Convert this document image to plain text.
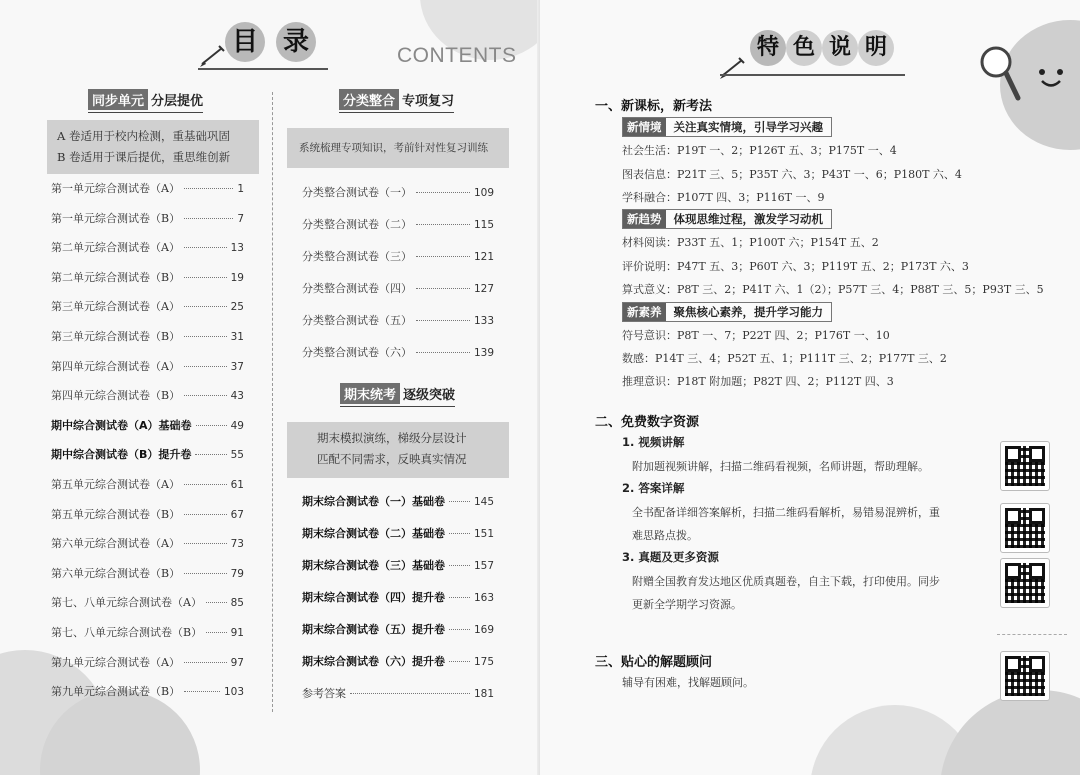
目 录	CONTENTS
同步单元 分层提优
A 卷适用于校内检测，重基础巩固
B 卷适用于课后提优，重思维创新
第一单元综合测试卷（A）	1
第一单元综合测试卷（B）	7
第二单元综合测试卷（A）	13
第二单元综合测试卷（B）	19
第三单元综合测试卷（A）	25
第三单元综合测试卷（B）	31
第四单元综合测试卷（A）	37
第四单元综合测试卷（B）	43
期中综合测试卷（A）基础卷	49
期中综合测试卷（B）提升卷	55
第五单元综合测试卷（A）	61
第五单元综合测试卷（B）	67
第六单元综合测试卷（A）	73
第六单元综合测试卷（B）	79
第七、八单元综合测试卷（A）	85
第七、八单元综合测试卷（B）	91
第九单元综合测试卷（A）	97
第九单元综合测试卷（B）	103
分类整合 专项复习
系统梳理专项知识，考前针对性复习训练
分类整合测试卷（一）	109
分类整合测试卷（二）	115
分类整合测试卷（三）	121
分类整合测试卷（四）	127
分类整合测试卷（五）	133
分类整合测试卷（六）	139
期末统考 逐级突破
期末模拟演练，梯级分层设计
匹配不同需求，反映真实情况
期末综合测试卷（一）基础卷	145
期末综合测试卷（二）基础卷	151
期末综合测试卷（三）基础卷	157
期末综合测试卷（四）提升卷	163
期末综合测试卷（五）提升卷	169
期末综合测试卷（六）提升卷	175
参考答案	181
特 色 说 明
一、新课标，新考法
新情境	关注真实情境，引导学习兴趣
社会生活：P19T 一、2；P126T 五、3；P175T 一、4
图表信息：P21T 三、5；P35T 六、3；P43T 一、6；P180T 六、4
学科融合：P107T 四、3；P116T 一、9
新趋势	体现思维过程，激发学习动机
材料阅读：P33T 五、1；P100T 六；P154T 五、2
评价说明：P47T 五、3；P60T 六、3；P119T 五、2；P173T 六、3
算式意义：P8T 三、2；P41T 六、1（2）；P57T 三、4；P88T 三、5；P93T 三、5
新素养	聚焦核心素养，提升学习能力
符号意识：P8T 一、7；P22T 四、2；P176T 一、10
数感：P14T 三、4；P52T 五、1；P111T 三、2；P177T 三、2
推理意识：P18T 附加题；P82T 四、2；P112T 四、3
二、免费数字资源
1. 视频讲解
附加题视频讲解，扫描二维码看视频，名师讲题，帮助理解。
2. 答案详解
全书配备详细答案解析，扫描二维码看解析，易错易混辨析，重
难思路点拨。
3. 真题及更多资源
附赠全国教育发达地区优质真题卷，自主下载，打印使用。同步
更新全学期学习资源。
三、贴心的解题顾问
辅导有困难，找解题顾问。
